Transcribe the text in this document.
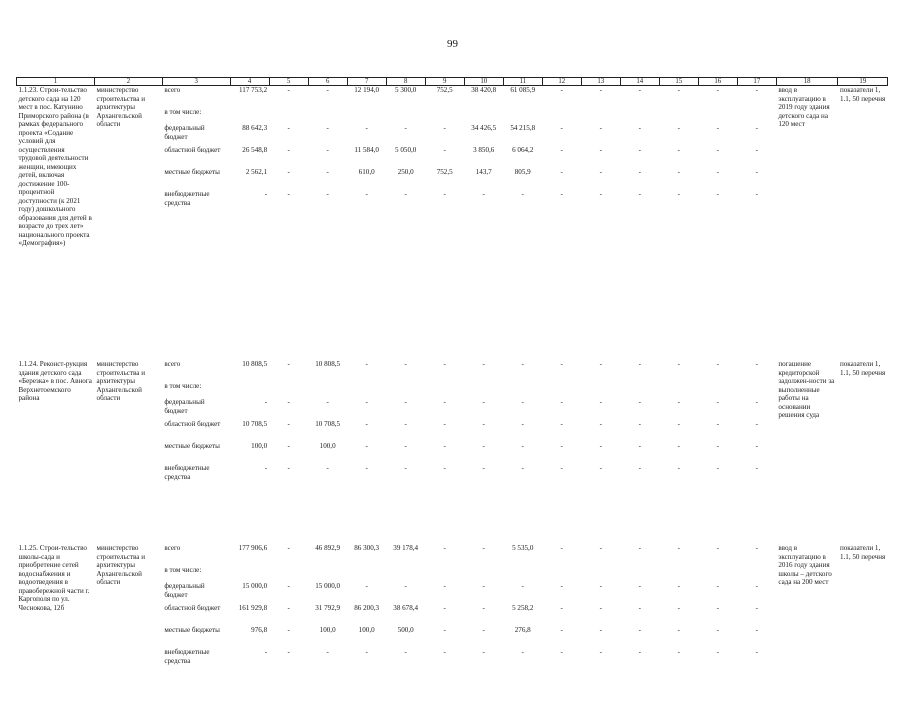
99
1	2	3	4	5	6	7	8	9	10	11	12	13	14	15	16	17	18	19
1.1.23. Строи-тельство детского сада на 120 мест в пос. Катунино Приморского района (в рамках федерального проекта «Содание условий для осуществления трудовой деятельности женщин, имеющих детей, включая достижение 100-процентной доступности (к 2021 году) дошкольного образования для детей в возрасте до трех лет» национального проекта «Демография»)	министерство строительства и архитектуры Архангельской области	всего	117 753,2	-	-	12 194,0	5 300,0	752,5	38 420,8	61 085,9	-	-	-	-	-	-	ввод в эксплуатацию в 2019 году здания детского сада на 120 мест	показатели 1, 1.1, 50 перечня
		в том числе:																
		федеральный бюджет	88 642,3	-	-	-	-	-	34 426,5	54 215,8	-	-	-	-	-	-		
		областной бюджет	26 548,8	-	-	11 584,0	5 050,0	-	3 850,6	6 064,2	-	-	-	-	-	-		
		местные бюджеты	2 562,1	-	-	610,0	250,0	752,5	143,7	805,9	-	-	-	-	-	-		
		внебюджетные средства	-	-	-	-	-	-	-	-	-	-	-	-	-	-		

1.1.24. Реконст-рукция здания детского сада «Березка» в пос. Авнога Верхнетоемского района	министерство строительства и архитектуры Архангельской области	всего	10 808,5	-	10 808,5	-	-	-	-	-	-	-	-	-	-	-	погашение кредиторской задолжен-ности за выполненные работы на основании решения суда	показатели 1, 1.1, 50 перечня
		в том числе:																
		федеральный бюджет	-	-	-	-	-	-	-	-	-	-	-	-	-	-		
		областной бюджет	10 708,5	-	10 708,5	-	-	-	-	-	-	-	-	-	-	-		
		местные бюджеты	100,0	-	100,0	-	-	-	-	-	-	-	-	-	-	-		
		внебюджетные средства	-	-	-	-	-	-	-	-	-	-	-	-	-	-		

1.1.25. Строи-тельство школы-сада и приобретение сетей водоснабжения и водоотведения в правобережной части г. Каргополя по ул. Чеснокова, 12б	министерство строительства и архитектуры Архангельской области	всего	177 906,6	-	46 892,9	86 300,3	39 178,4	-	-	5 535,0	-	-	-	-	-	-	ввод в эксплуатацию в 2016 году здания школы – детского сада на 200 мест	показатели 1, 1.1, 50 перечня
		в том числе:																
		федеральный бюджет	15 000,0	-	15 000,0	-	-	-	-	-	-	-	-	-	-	-		
		областной бюджет	161 929,8	-	31 792,9	86 200,3	38 678,4	-	-	5 258,2	-	-	-	-	-	-		
		местные бюджеты	976,8	-	100,0	100,0	500,0	-	-	276,8	-	-	-	-	-	-		
		внебюджетные средства	-	-	-	-	-	-	-	-	-	-	-	-	-	-		
